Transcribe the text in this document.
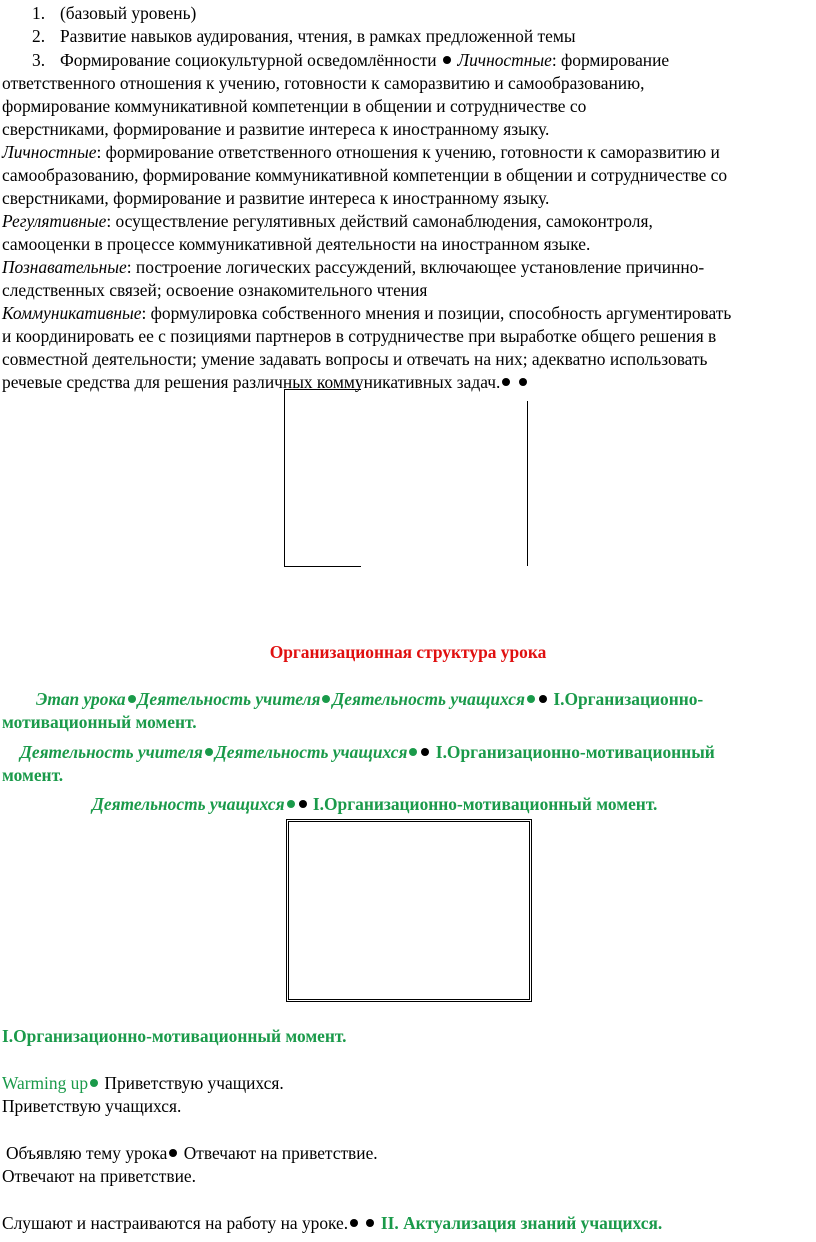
1. (базовый уровень)
2. Развитие навыков аудирования, чтения, в рамках предложенной темы
3. Формирование социокультурной осведомлённости Личностные: формирование
ответственного отношения к учению, готовности к саморазвитию и самообразованию,
формирование коммуникативной компетенции в общении и сотрудничестве со
сверстниками, формирование и развитие интереса к иностранному языку.
Личностные: формирование ответственного отношения к учению, готовности к саморазвитию и
самообразованию, формирование коммуникативной компетенции в общении и сотрудничестве со
сверстниками, формирование и развитие интереса к иностранному языку.
Регулятивные: осуществление регулятивных действий самонаблюдения, самоконтроля,
самооценки в процессе коммуникативной деятельности на иностранном языке.
Познавательные: построение логических рассуждений, включающее установление причинно-
следственных связей; освоение ознакомительного чтения
Коммуникативные: формулировка собственного мнения и позиции, способность аргументировать
и координировать ее с позициями партнеров в сотрудничестве при выработке общего решения в
совместной деятельности; умение задавать вопросы и отвечать на них; адекватно использовать
речевые средства для решения различных коммуникативных задач.
Организационная структура урока
Этап урока Деятельность учителя Деятельность учащихся I.Организационно-
мотивационный момент.
Деятельность учителя Деятельность учащихся I.Организационно-мотивационный
момент.
Деятельность учащихся I.Организационно-мотивационный момент.
I.Организационно-мотивационный момент.
Warming up Приветствую учащихся.
Приветствую учащихся.
Объявляю тему урока Отвечают на приветствие.
Отвечают на приветствие.
Слушают и настраиваются на работу на уроке. II. Актуализация знаний учащихся.
